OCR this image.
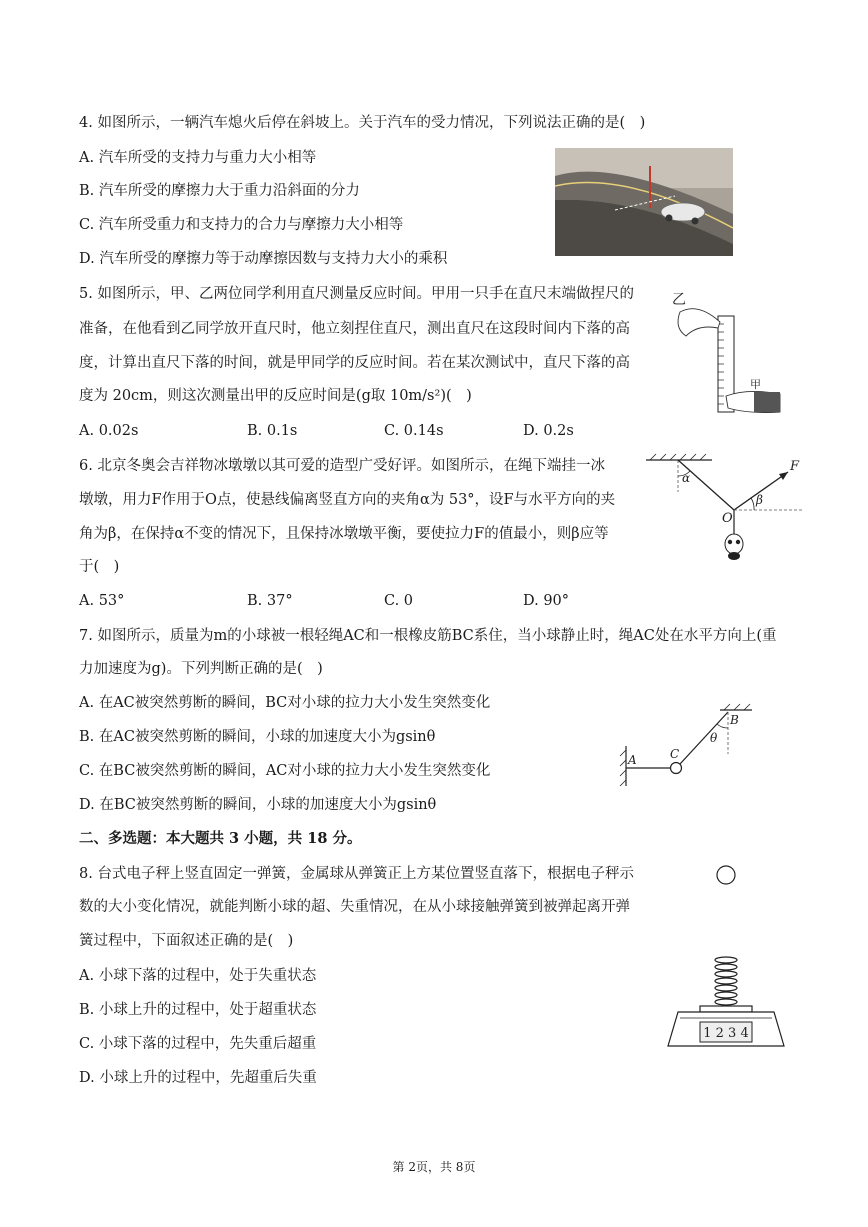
4. 如图所示，一辆汽车熄火后停在斜坡上。关于汽车的受力情况，下列说法正确的是(　)
A. 汽车所受的支持力与重力大小相等
B. 汽车所受的摩擦力大于重力沿斜面的分力
C. 汽车所受重力和支持力的合力与摩擦力大小相等
D. 汽车所受的摩擦力等于动摩擦因数与支持力大小的乘积
5. 如图所示，甲、乙两位同学利用直尺测量反应时间。甲用一只手在直尺末端做捏尺的
准备，在他看到乙同学放开直尺时，他立刻捏住直尺，测出直尺在这段时间内下落的高
度，计算出直尺下落的时间，就是甲同学的反应时间。若在某次测试中，直尺下落的高
度为 20cm，则这次测量出甲的反应时间是(g取 10m/s²)(　)
A. 0.02s	B. 0.1s	C. 0.14s	D. 0.2s
乙
甲
6. 北京冬奥会吉祥物冰墩墩以其可爱的造型广受好评。如图所示，在绳下端挂一冰
墩墩，用力F作用于O点，使悬线偏离竖直方向的夹角α为 53°，设F与水平方向的夹
角为β，在保持α不变的情况下，且保持冰墩墩平衡，要使拉力F的值最小，则β应等
于(　)
A. 53°	B. 37°	C. 0	D. 90°
α
β
F
O
7. 如图所示，质量为m的小球被一根轻绳AC和一根橡皮筋BC系住，当小球静止时，绳AC处在水平方向上(重
力加速度为g)。下列判断正确的是(　)
A. 在AC被突然剪断的瞬间，BC对小球的拉力大小发生突然变化
B. 在AC被突然剪断的瞬间，小球的加速度大小为gsinθ
C. 在BC被突然剪断的瞬间，AC对小球的拉力大小发生突然变化
D. 在BC被突然剪断的瞬间，小球的加速度大小为gsinθ
A
B
C
θ
二、多选题：本大题共 3 小题，共 18 分。
8. 台式电子秤上竖直固定一弹簧，金属球从弹簧正上方某位置竖直落下，根据电子秤示
数的大小变化情况，就能判断小球的超、失重情况，在从小球接触弹簧到被弹起离开弹
簧过程中，下面叙述正确的是(　)
A. 小球下落的过程中，处于失重状态
B. 小球上升的过程中，处于超重状态
C. 小球下落的过程中，先失重后超重
D. 小球上升的过程中，先超重后失重
1 2 3 4
第 2页，共 8页
